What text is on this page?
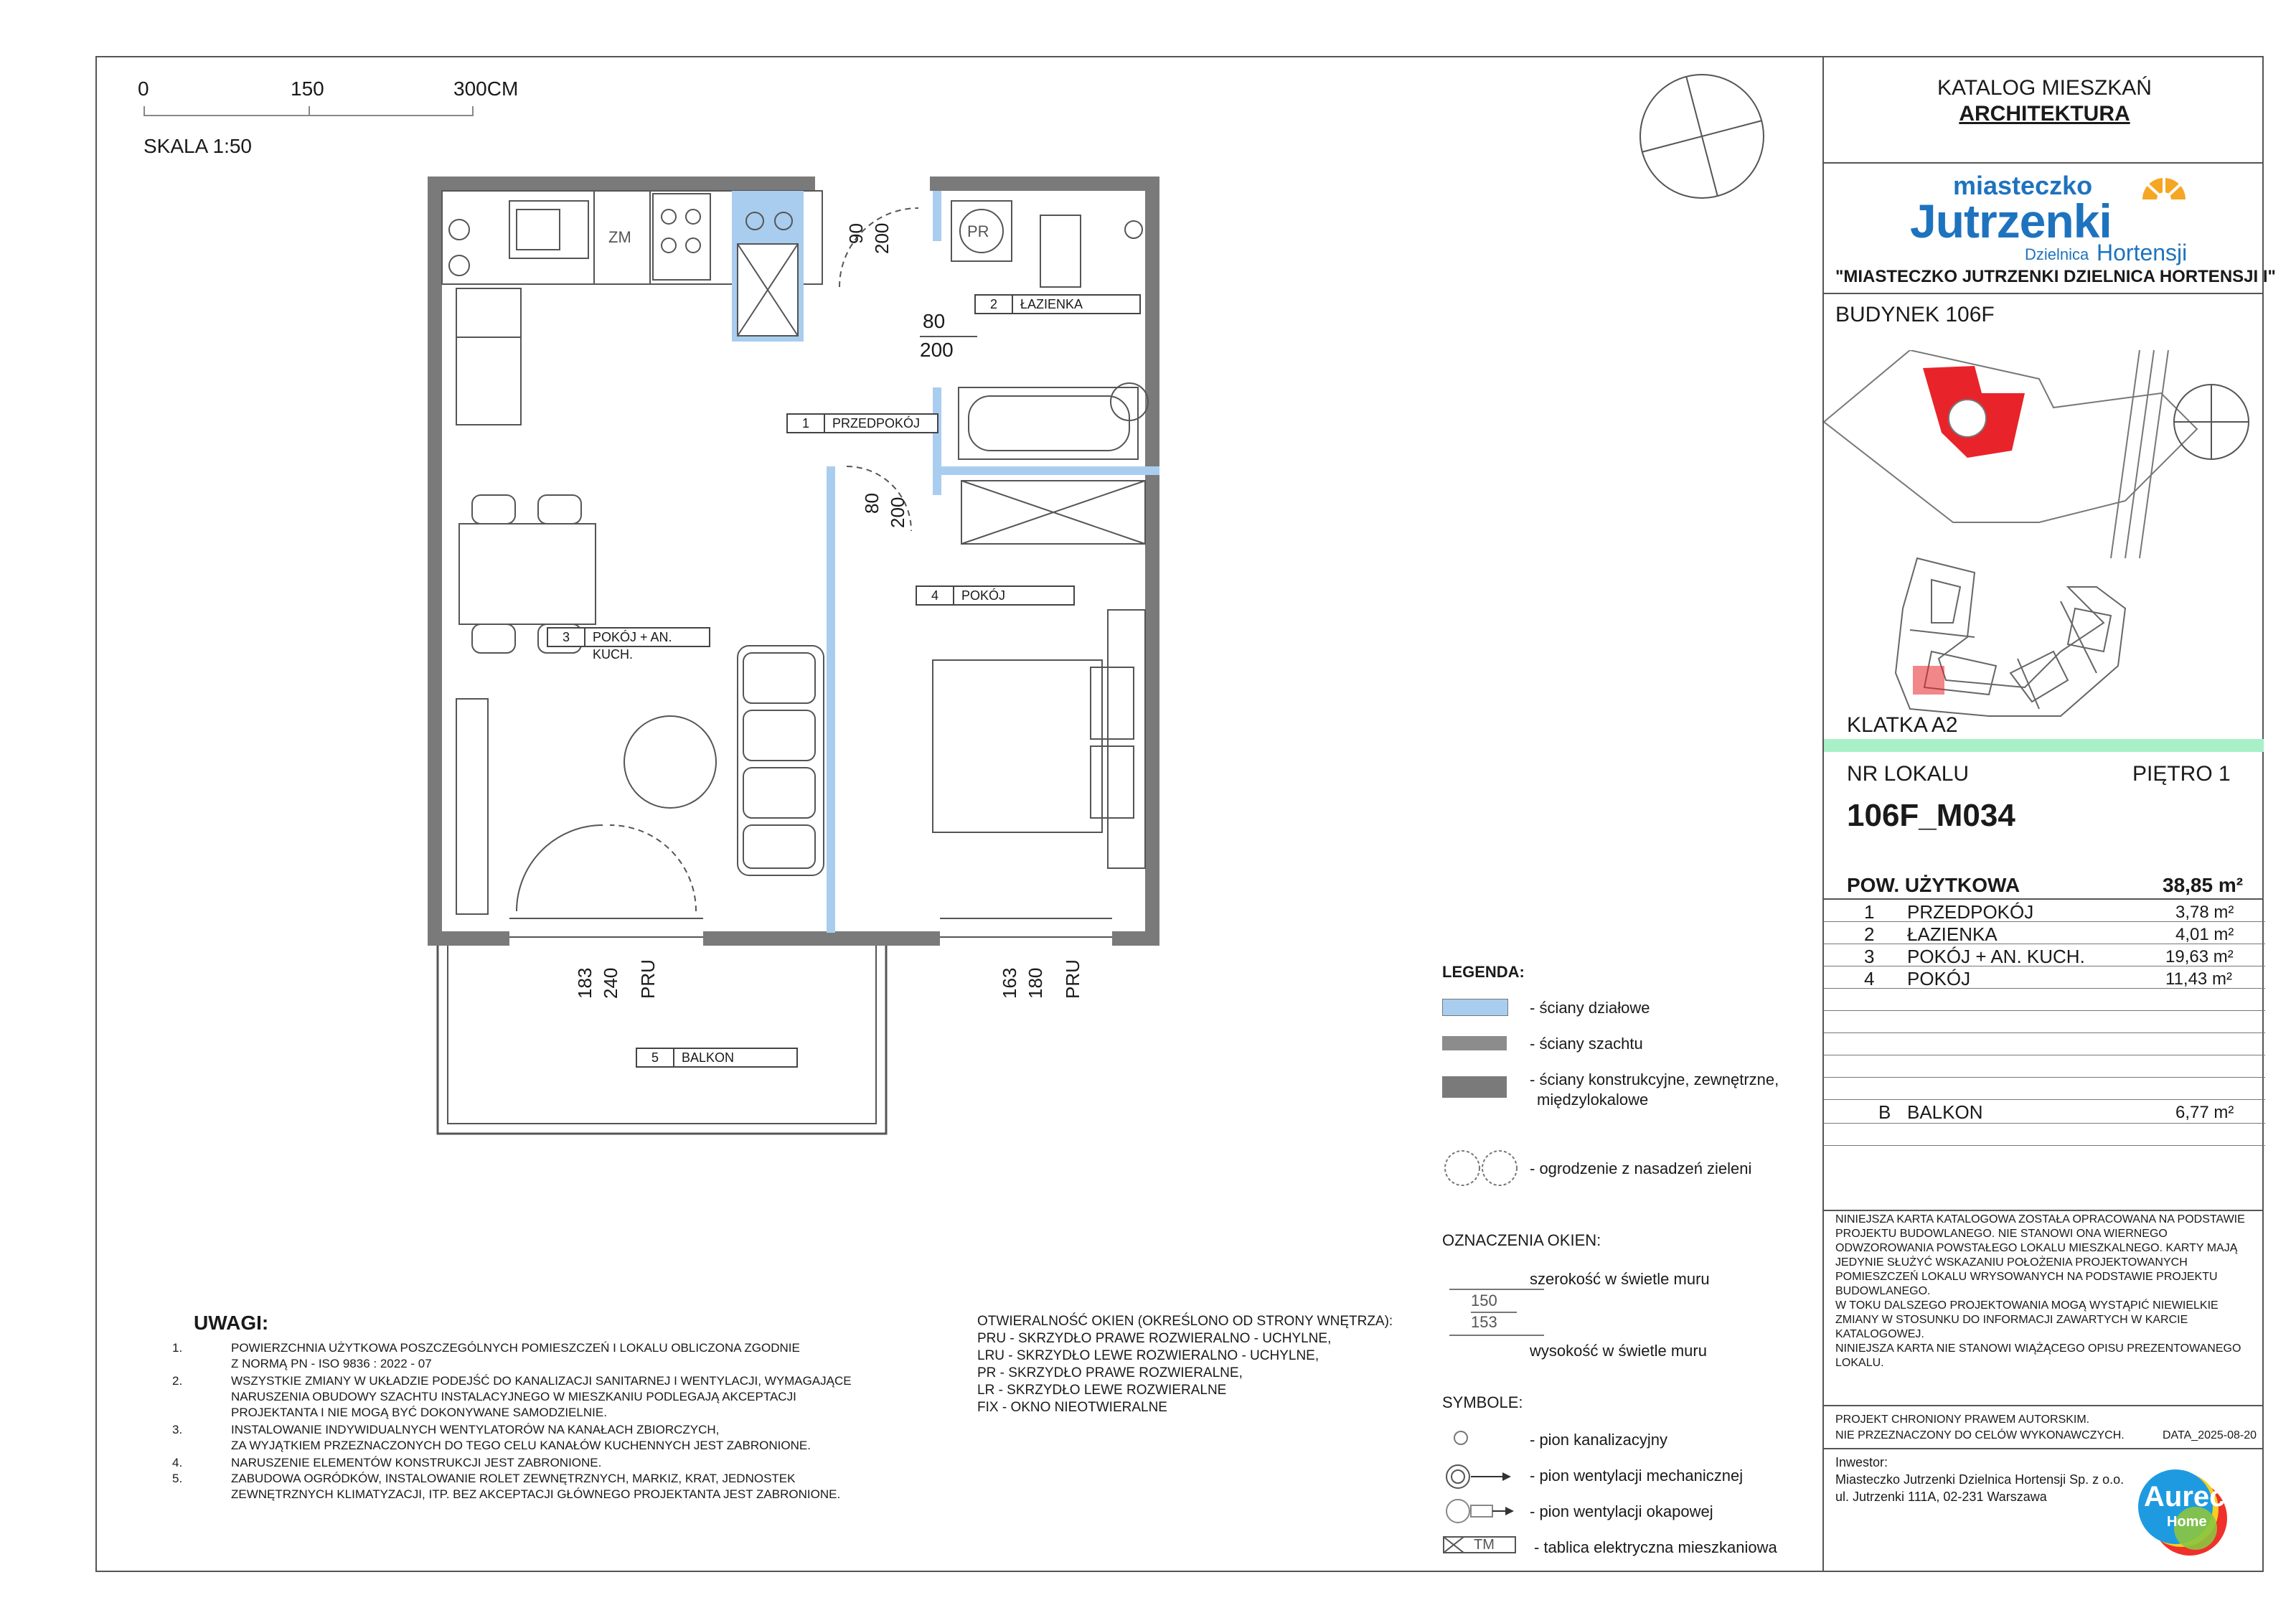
0	150	300CM
SKALA 1:50
ZM	PR
1	PRZEDPOKÓJ
2	ŁAZIENKA
3	POKÓJ + AN. KUCH.
4	POKÓJ
5	BALKON
90 200
80
200
80 200
183 240 PRU	163 180 PRU	LEGENDA:
- ściany działowe
- ściany szachtu
- ściany konstrukcyjne, zewnętrzne,
międzylokalowe
- ogrodzenie z nasadzeń zieleni
OZNACZENIA OKIEN:
szerokość w świetle muru
150
153
wysokość w świetle muru
SYMBOLE:
- pion kanalizacyjny
- pion wentylacji mechanicznej
- pion wentylacji okapowej
TM	- tablica elektryczna mieszkaniowa
UWAGI:
1.	POWIERZCHNIA UŻYTKOWA POSZCZEGÓLNYCH POMIESZCZEŃ I LOKALU OBLICZONA ZGODNIE
Z NORMĄ PN - ISO 9836 : 2022 - 07
2.	WSZYSTKIE ZMIANY W UKŁADZIE PODEJŚĆ DO KANALIZACJI SANITARNEJ I WENTYLACJI, WYMAGAJĄCE
NARUSZENIA OBUDOWY SZACHTU INSTALACYJNEGO W MIESZKANIU PODLEGAJĄ AKCEPTACJI
PROJEKTANTA I NIE MOGĄ BYĆ DOKONYWANE SAMODZIELNIE.
3.	INSTALOWANIE INDYWIDUALNYCH WENTYLATORÓW NA KANAŁACH ZBIORCZYCH,
ZA WYJĄTKIEM PRZEZNACZONYCH DO TEGO CELU KANAŁÓW KUCHENNYCH JEST ZABRONIONE.
4.	NARUSZENIE ELEMENTÓW KONSTRUKCJI JEST ZABRONIONE.
5.	ZABUDOWA OGRÓDKÓW, INSTALOWANIE ROLET ZEWNĘTRZNYCH, MARKIZ, KRAT, JEDNOSTEK
ZEWNĘTRZNYCH KLIMATYZACJI, ITP. BEZ AKCEPTACJI GŁÓWNEGO PROJEKTANTA JEST ZABRONIONE.
OTWIERALNOŚĆ OKIEN (OKREŚLONO OD STRONY WNĘTRZA):
PRU - SKRZYDŁO PRAWE ROZWIERALNO - UCHYLNE,
LRU - SKRZYDŁO LEWE ROZWIERALNO - UCHYLNE,
PR - SKRZYDŁO PRAWE ROZWIERALNE,
LR - SKRZYDŁO LEWE ROZWIERALNE
FIX - OKNO NIEOTWIERALNE
KATALOG MIESZKAŃ
ARCHITEKTURA
miasteczko
Jutrzenki
Dzielnica Hortensji
"MIASTECZKO JUTRZENKI DZIELNICA HORTENSJI I"
BUDYNEK 106F
KLATKA A2
NR LOKALU	PIĘTRO 1
106F_M034
POW. UŻYTKOWA	38,85 m²
1 PRZEDPOKÓJ	3,78 m²
2 ŁAZIENKA	4,01 m²
3 POKÓJ + AN. KUCH.	19,63 m²
4 POKÓJ	11,43 m²
B BALKON	6,77 m²
NINIEJSZA KARTA KATALOGOWA ZOSTAŁA OPRACOWANA NA PODSTAWIE
PROJEKTU BUDOWLANEGO. NIE STANOWI ONA WIERNEGO
ODWZOROWANIA POWSTAŁEGO LOKALU MIESZKALNEGO. KARTY MAJĄ
JEDYNIE SŁUŻYĆ WSKAZANIU POŁOŻENIA PROJEKTOWANYCH
POMIESZCZEŃ LOKALU WRYSOWANYCH NA PODSTAWIE PROJEKTU
BUDOWLANEGO.
W TOKU DALSZEGO PROJEKTOWANIA MOGĄ WYSTĄPIĆ NIEWIELKIE
ZMIANY W STOSUNKU DO INFORMACJI ZAWARTYCH W KARCIE
KATALOGOWEJ.
NINIEJSZA KARTA NIE STANOWI WIĄŻĄCEGO OPISU PREZENTOWANEGO
LOKALU.
PROJEKT CHRONIONY PRAWEM AUTORSKIM.
NIE PRZEZNACZONY DO CELÓW WYKONAWCZYCH.	DATA_2025-08-20
Inwestor:
Miasteczko Jutrzenki Dzielnica Hortensji Sp. z o.o.
ul. Jutrzenki 111A, 02-231 Warszawa	Aurec
Home
